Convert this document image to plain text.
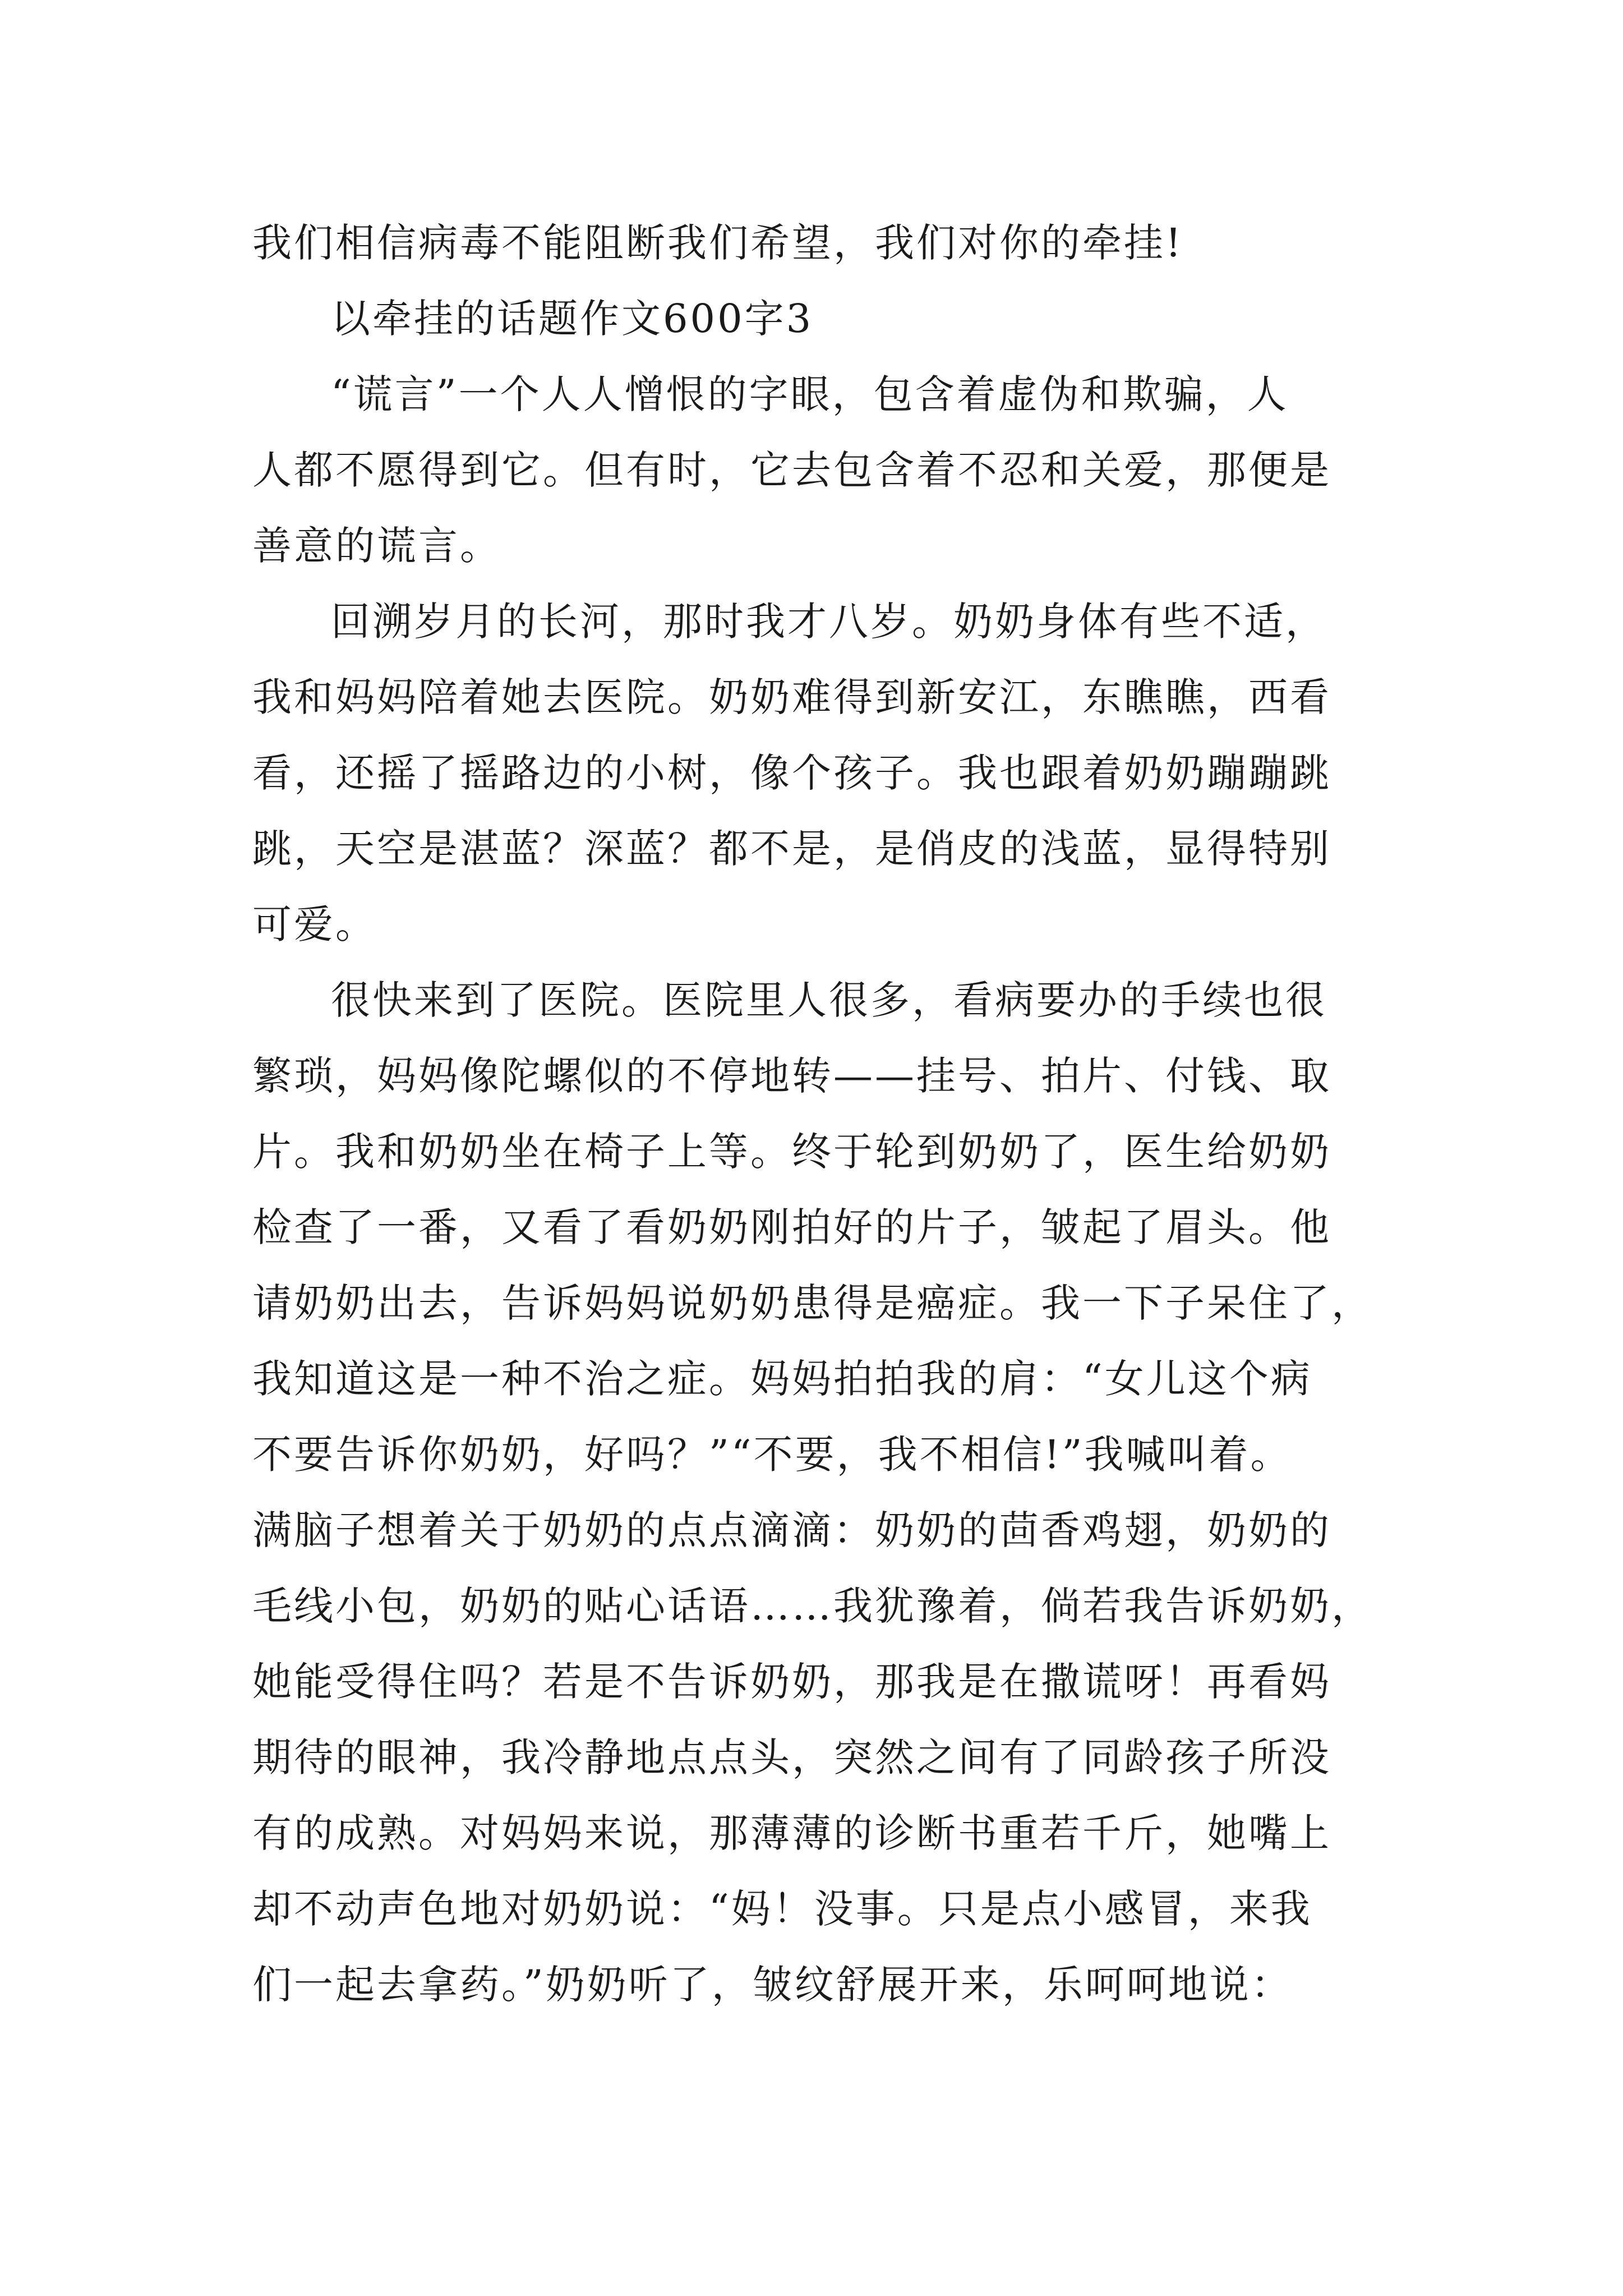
我们相信病毒不能阻断我们希望，我们对你的牵挂!
以牵挂的话题作文600字3
“谎言”一个人人憎恨的字眼，包含着虚伪和欺骗，人
人都不愿得到它。但有时，它去包含着不忍和关爱，那便是
善意的谎言。
回溯岁月的长河，那时我才八岁。奶奶身体有些不适，
我和妈妈陪着她去医院。奶奶难得到新安江，东瞧瞧，西看
看，还摇了摇路边的小树，像个孩子。我也跟着奶奶蹦蹦跳
跳，天空是湛蓝？深蓝？都不是，是俏皮的浅蓝，显得特别
可爱。
很快来到了医院。医院里人很多，看病要办的手续也很
繁琐，妈妈像陀螺似的不停地转——挂号、拍片、付钱、取
片。我和奶奶坐在椅子上等。终于轮到奶奶了，医生给奶奶
检查了一番，又看了看奶奶刚拍好的片子，皱起了眉头。他
请奶奶出去，告诉妈妈说奶奶患得是癌症。我一下子呆住了，
我知道这是一种不治之症。妈妈拍拍我的肩：“女儿这个病
不要告诉你奶奶，好吗？”“不要，我不相信!”我喊叫着。
满脑子想着关于奶奶的点点滴滴：奶奶的茴香鸡翅，奶奶的
毛线小包，奶奶的贴心话语……我犹豫着，倘若我告诉奶奶，
她能受得住吗？若是不告诉奶奶，那我是在撒谎呀！再看妈
期待的眼神，我冷静地点点头，突然之间有了同龄孩子所没
有的成熟。对妈妈来说，那薄薄的诊断书重若千斤，她嘴上
却不动声色地对奶奶说：“妈！没事。只是点小感冒，来我
们一起去拿药。”奶奶听了，皱纹舒展开来，乐呵呵地说：
